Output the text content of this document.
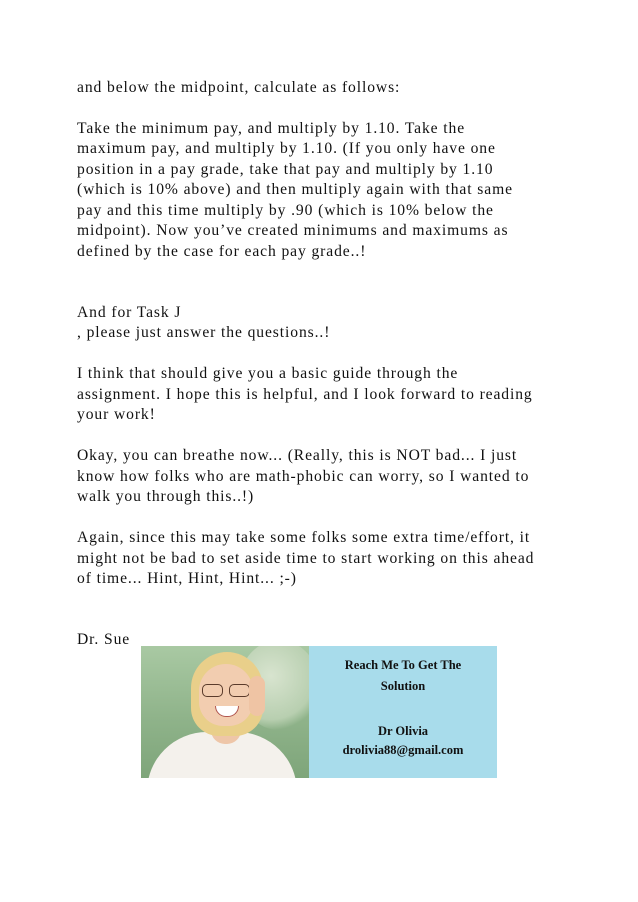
and below the midpoint, calculate as follows:
Take the minimum pay, and multiply by 1.10. Take the
maximum pay, and multiply by 1.10. (If you only have one
position in a pay grade, take that pay and multiply by 1.10
(which is 10% above) and then multiply again with that same
pay and this time multiply by .90 (which is 10% below the
midpoint). Now you’ve created minimums and maximums as
defined by the case for each pay grade..!
And for Task J
, please just answer the questions..!
I think that should give you a basic guide through the
assignment. I hope this is helpful, and I look forward to reading
your work!
Okay, you can breathe now... (Really, this is NOT bad... I just
know how folks who are math-phobic can worry, so I wanted to
walk you through this..!)
Again, since this may take some folks some extra time/effort, it
might not be bad to set aside time to start working on this ahead
of time... Hint, Hint, Hint... ;-)
Dr. Sue
Reach Me To Get The
Solution
Dr Olivia
drolivia88@gmail.com
